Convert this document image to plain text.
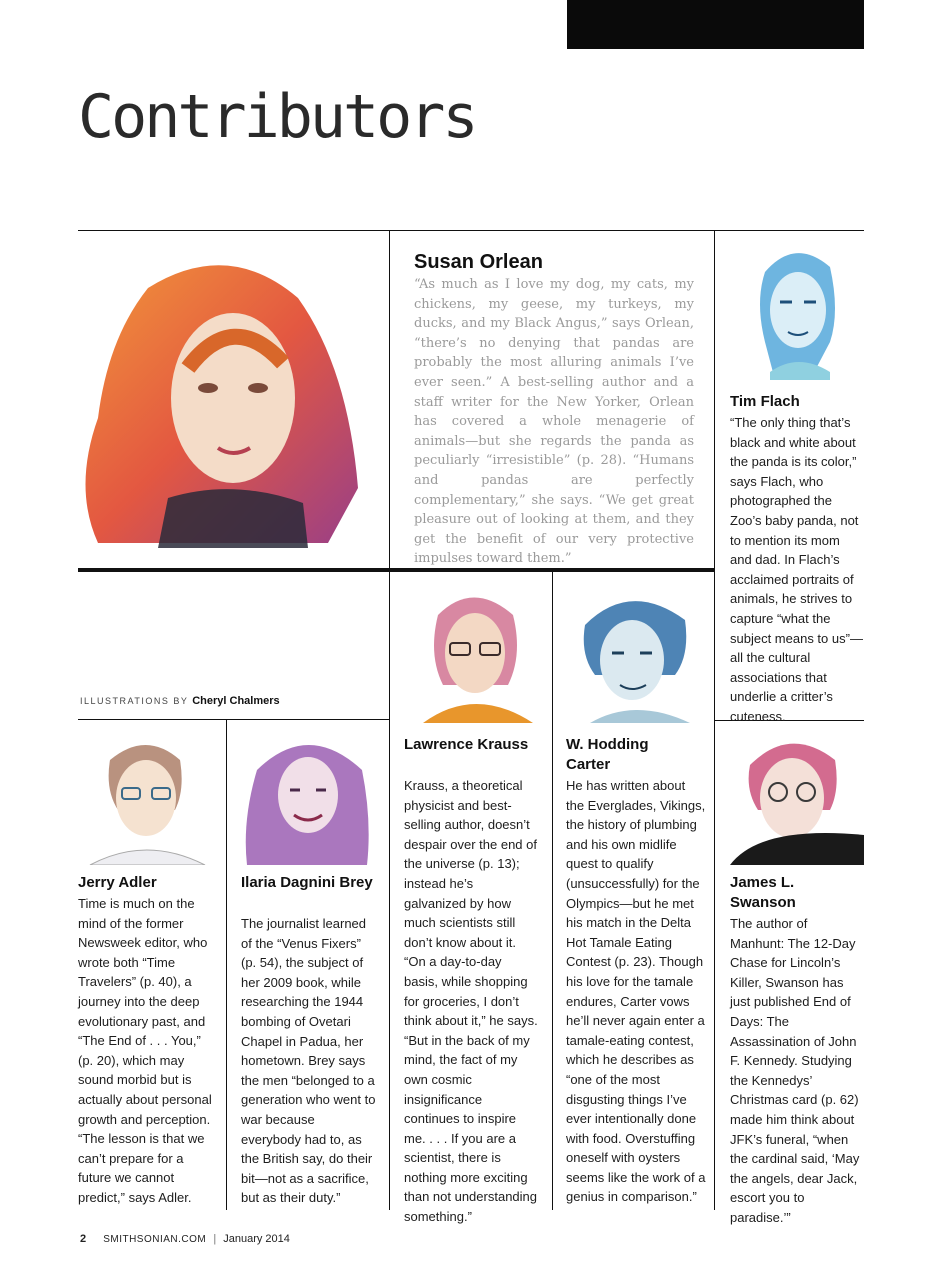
Contributors
Susan Orlean

“As much as I love my dog, my cats, my chickens, my geese, my turkeys, my ducks, and my Black Angus,” says Orlean, “there’s no denying that pandas are probably the most alluring animals I’ve ever seen.” A best-selling author and a staff writer for the New Yorker, Orlean has covered a whole menagerie of animals—but she regards the panda as peculiarly “irresistible” (p. 28). “Humans and pandas are perfectly complementary,” she says. “We get great pleasure out of looking at them, and they get the benefit of our very protective impulses toward them.”

Tim Flach

“The only thing that’s black and white about the panda is its color,” says Flach, who photographed the Zoo’s baby panda, not to mention its mom and dad. In Flach’s acclaimed portraits of animals, he strives to capture “what the subject means to us”—all the cultural associations that underlie a critter’s cuteness.

ILLUSTRATIONS BY Cheryl Chalmers
Lawrence Krauss

Krauss, a theoretical physicist and best-selling author, doesn’t despair over the end of the universe (p. 13); instead he’s galvanized by how much scientists still don’t know about it. “On a day-to-day basis, while shopping for groceries, I don’t think about it,” he says. “But in the back of my mind, the fact of my own cosmic insignificance continues to inspire me. . . . If you are a scientist, there is nothing more exciting than not understanding something.”

W. Hodding Carter

He has written about the Everglades, Vikings, the history of plumbing and his own midlife quest to qualify (unsuccessfully) for the Olympics—but he met his match in the Delta Hot Tamale Eating Contest (p. 23). Though his love for the tamale endures, Carter vows he’ll never again enter a tamale-eating contest, which he describes as “one of the most disgusting things I’ve ever intentionally done with food. Overstuffing oneself with oysters seems like the work of a genius in comparison.”

Jerry Adler

Time is much on the mind of the former Newsweek editor, who wrote both “Time Travelers” (p. 40), a journey into the deep evolutionary past, and “The End of . . . You,” (p. 20), which may sound morbid but is actually about personal growth and perception. “The lesson is that we can’t prepare for a future we cannot predict,” says Adler.

Ilaria Dagnini Brey

The journalist learned of the “Venus Fixers” (p. 54), the subject of her 2009 book, while researching the 1944 bombing of Ovetari Chapel in Padua, her hometown. Brey says the men “belonged to a generation who went to war because everybody had to, as the British say, do their bit—not as a sacrifice, but as their duty.”

James L. Swanson

The author of Manhunt: The 12-Day Chase for Lincoln’s Killer, Swanson has just published End of Days: The Assassination of John F. Kennedy. Studying the Kennedys’ Christmas card (p. 62) made him think about JFK’s funeral, “when the cardinal said, ‘May the angels, dear Jack, escort you to paradise.’”

2 SMITHSONIAN.COM | January 2014
